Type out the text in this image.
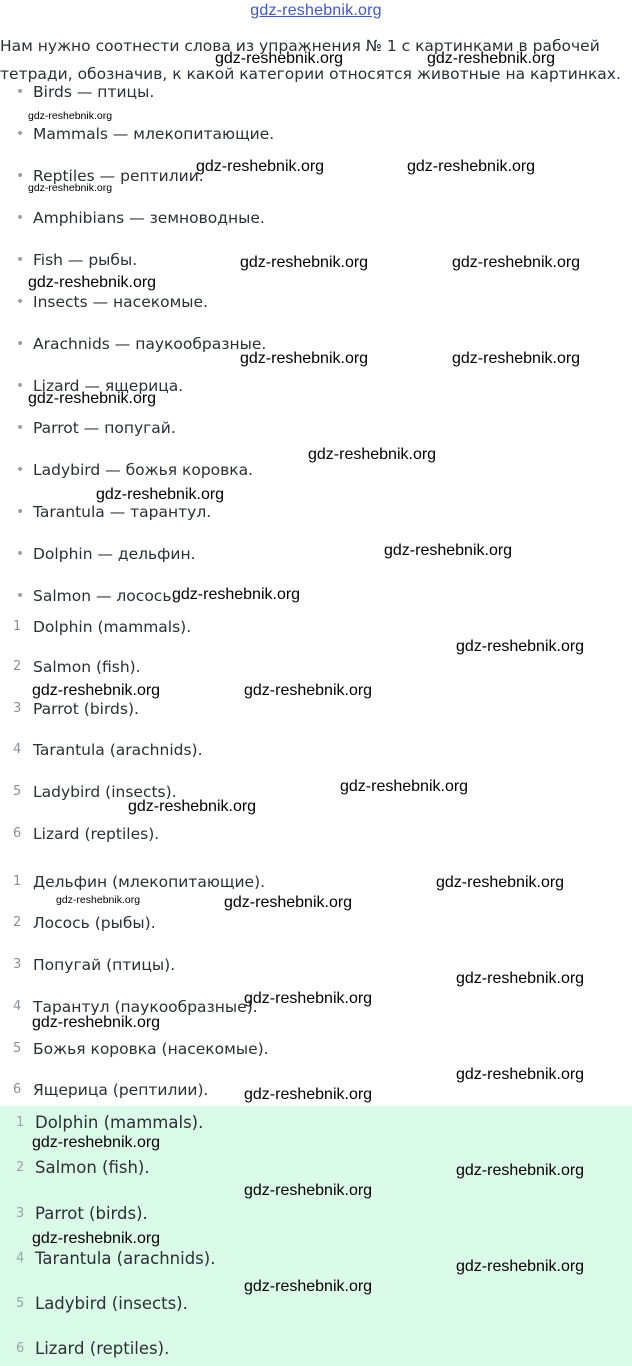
gdz-reshebnik.org
Нам нужно соотнести слова из упражнения № 1 с картинками в рабочей тетради, обозначив, к какой категории относятся животные на картинках.
• Birds — птицы.
• Mammals — млекопитающие.
• Reptiles — рептилии.
• Amphibians — земноводные.
• Fish — рыбы.
• Insects — насекомые.
• Arachnids — паукообразные.
• Lizard — ящерица.
• Parrot — попугай.
• Ladybird — божья коровка.
• Tarantula — тарантул.
• Dolphin — дельфин.
• Salmon — лосось.
1 Dolphin (mammals).
2 Salmon (fish).
3 Parrot (birds).
4 Tarantula (arachnids).
5 Ladybird (insects).
6 Lizard (reptiles).
1 Дельфин (млекопитающие).
2 Лосось (рыбы).
3 Попугай (птицы).
4 Тарантул (паукообразные).
5 Божья коровка (насекомые).
6 Ящерица (рептилии).
1 Dolphin (mammals).
2 Salmon (fish).
3 Parrot (birds).
4 Tarantula (arachnids).
5 Ladybird (insects).
6 Lizard (reptiles).
gdz-reshebnik.org	gdz-reshebnik.org
gdz-reshebnik.org
gdz-reshebnik.org	gdz-reshebnik.org
gdz-reshebnik.org
gdz-reshebnik.org	gdz-reshebnik.org
gdz-reshebnik.org
gdz-reshebnik.org	gdz-reshebnik.org
gdz-reshebnik.org
gdz-reshebnik.org
gdz-reshebnik.org
gdz-reshebnik.org
gdz-reshebnik.org
gdz-reshebnik.org
gdz-reshebnik.org	gdz-reshebnik.org
gdz-reshebnik.org
gdz-reshebnik.org
gdz-reshebnik.org
gdz-reshebnik.org	gdz-reshebnik.org
gdz-reshebnik.org
gdz-reshebnik.org
gdz-reshebnik.org
gdz-reshebnik.org
gdz-reshebnik.org
gdz-reshebnik.org
gdz-reshebnik.org
gdz-reshebnik.org
gdz-reshebnik.org
gdz-reshebnik.org
gdz-reshebnik.org
